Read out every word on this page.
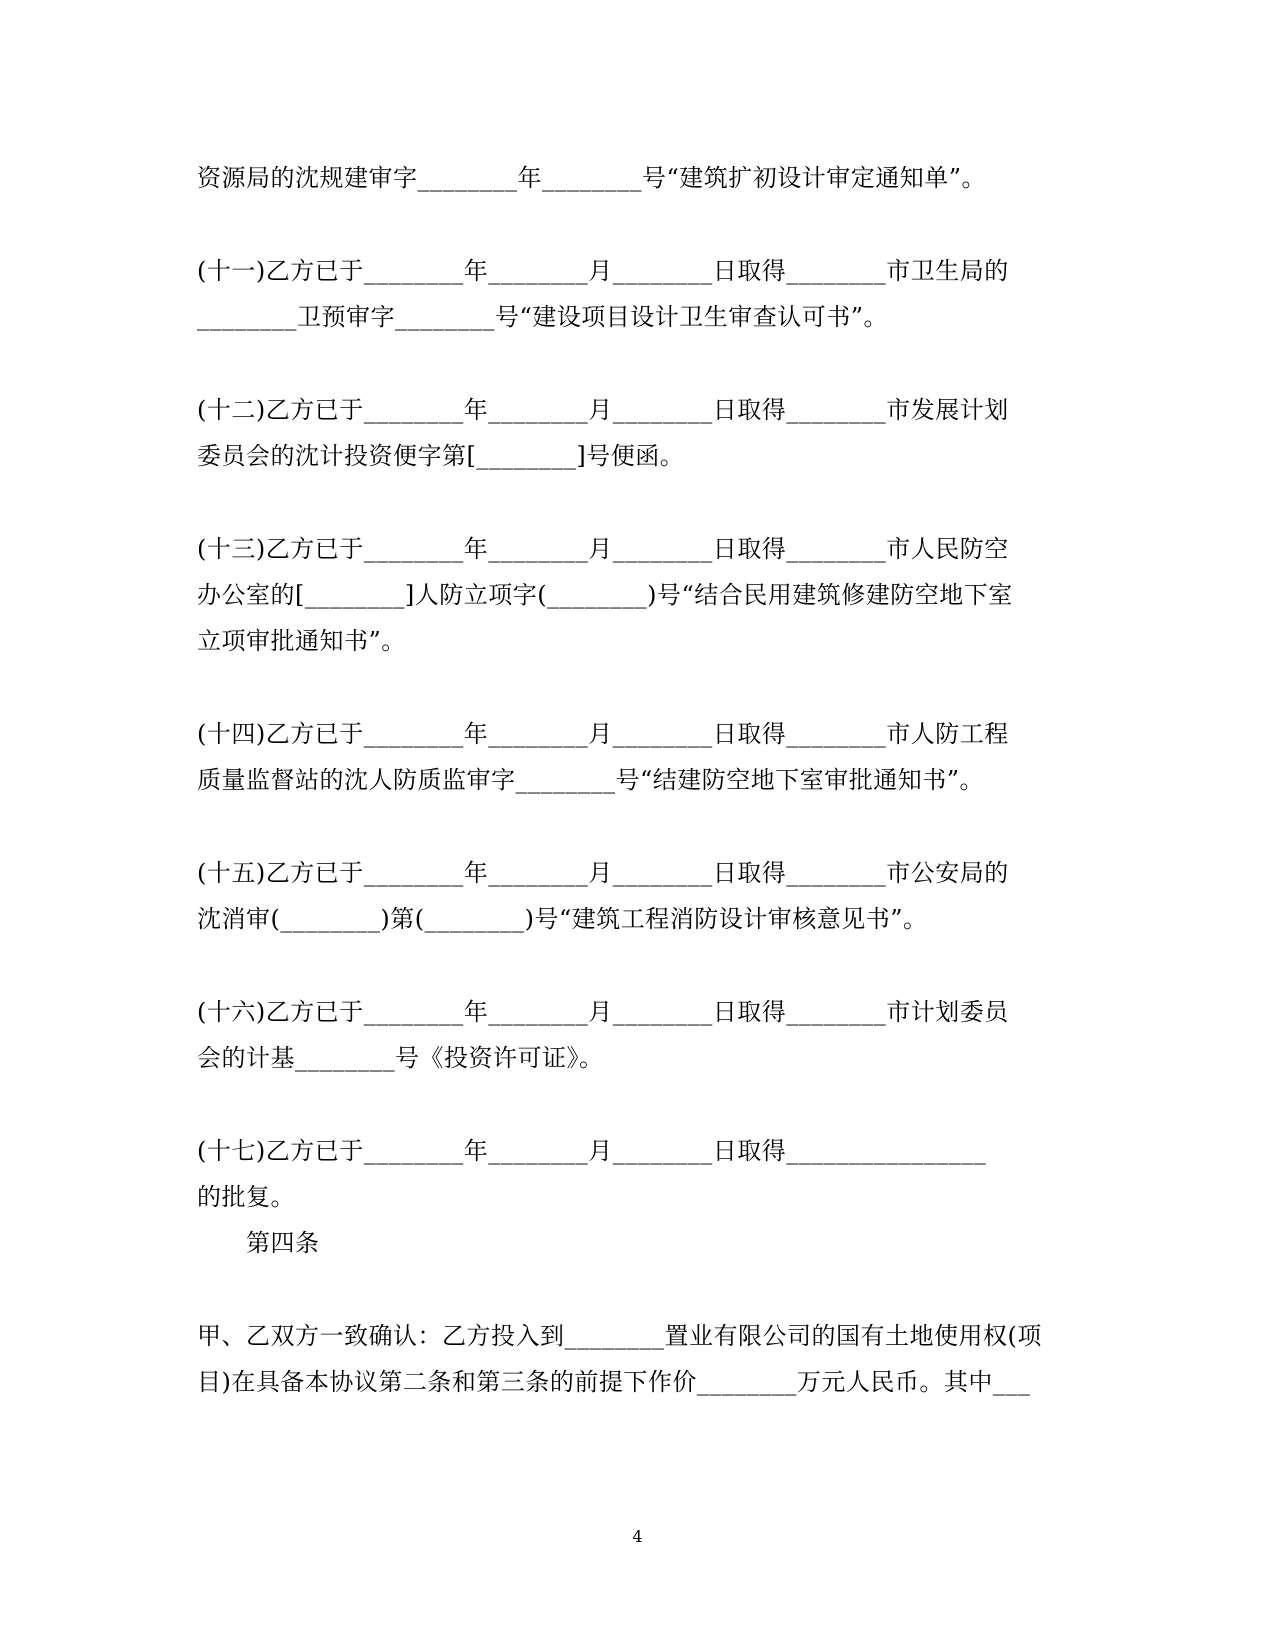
资源局的沈规建审字________年________号“建筑扩初设计审定通知单”。
(十一)乙方已于________年________月________日取得________市卫生局的
________卫预审字________号“建设项目设计卫生审查认可书”。
(十二)乙方已于________年________月________日取得________市发展计划
委员会的沈计投资便字第[________]号便函。
(十三)乙方已于________年________月________日取得________市人民防空
办公室的[________]人防立项字(________)号“结合民用建筑修建防空地下室
立项审批通知书”。
(十四)乙方已于________年________月________日取得________市人防工程
质量监督站的沈人防质监审字________号“结建防空地下室审批通知书”。
(十五)乙方已于________年________月________日取得________市公安局的
沈消审(________)第(________)号“建筑工程消防设计审核意见书”。
(十六)乙方已于________年________月________日取得________市计划委员
会的计基________号《投资许可证》。
(十七)乙方已于________年________月________日取得________________
的批复。
第四条
甲、乙双方一致确认：乙方投入到________置业有限公司的国有土地使用权(项
目)在具备本协议第二条和第三条的前提下作价________万元人民币。其中___
4
